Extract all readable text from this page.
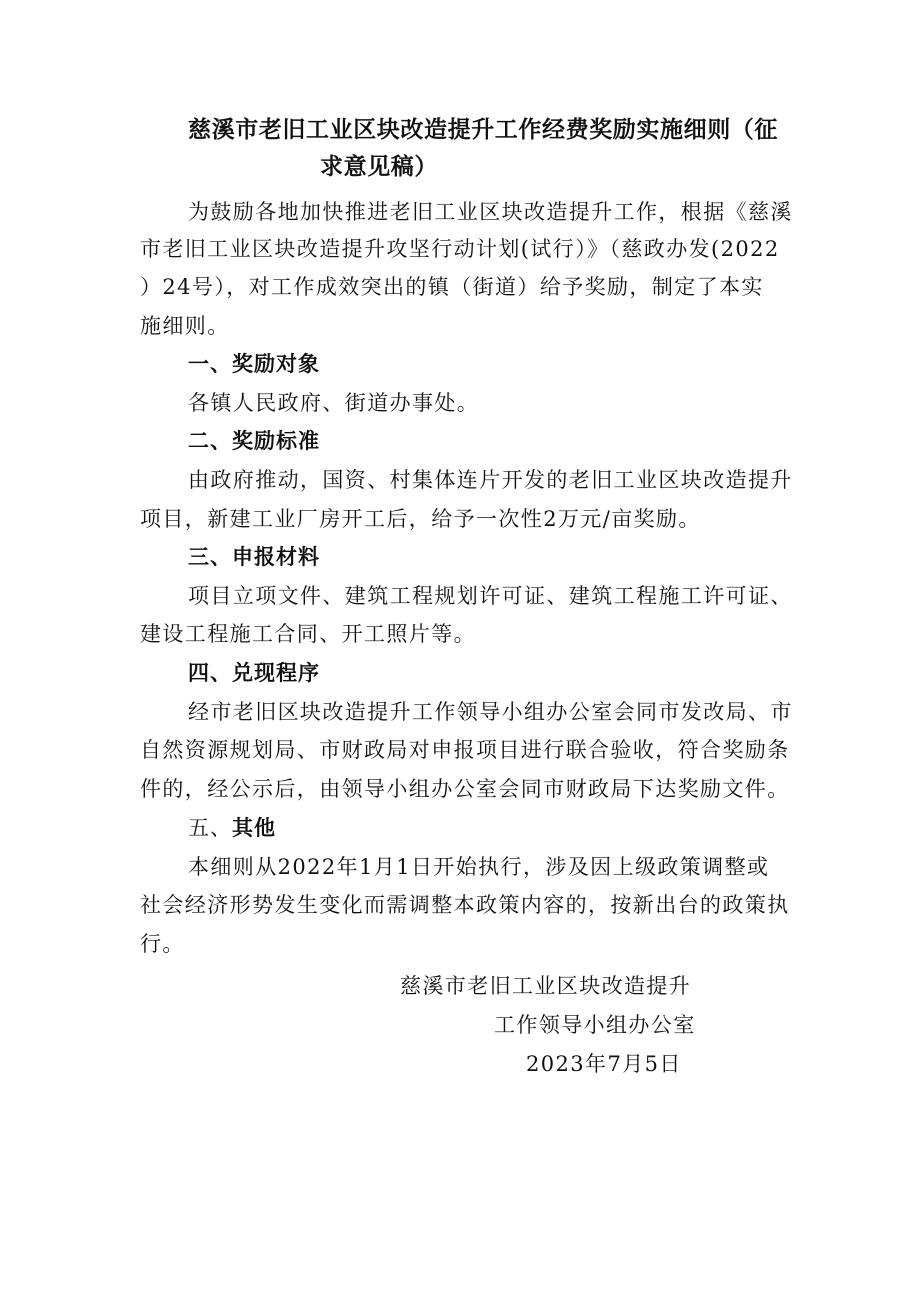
慈溪市老旧工业区块改造提升工作经费奖励实施细则（征
求意见稿）
为鼓励各地加快推进老旧工业区块改造提升工作，根据《慈溪
市老旧工业区块改造提升攻坚行动计划(试行）》（慈政办发(2022
）24号），对工作成效突出的镇（街道）给予奖励，制定了本实
施细则。
一、奖励对象
各镇人民政府、街道办事处。
二、奖励标准
由政府推动，国资、村集体连片开发的老旧工业区块改造提升
项目，新建工业厂房开工后，给予一次性2万元/亩奖励。
三、申报材料
项目立项文件、建筑工程规划许可证、建筑工程施工许可证、
建设工程施工合同、开工照片等。
四、兑现程序
经市老旧区块改造提升工作领导小组办公室会同市发改局、市
自然资源规划局、市财政局对申报项目进行联合验收，符合奖励条
件的，经公示后，由领导小组办公室会同市财政局下达奖励文件。
五、其他
本细则从2022年1月1日开始执行，涉及因上级政策调整或
社会经济形势发生变化而需调整本政策内容的，按新出台的政策执
行。
慈溪市老旧工业区块改造提升
工作领导小组办公室
2023年7月5日
